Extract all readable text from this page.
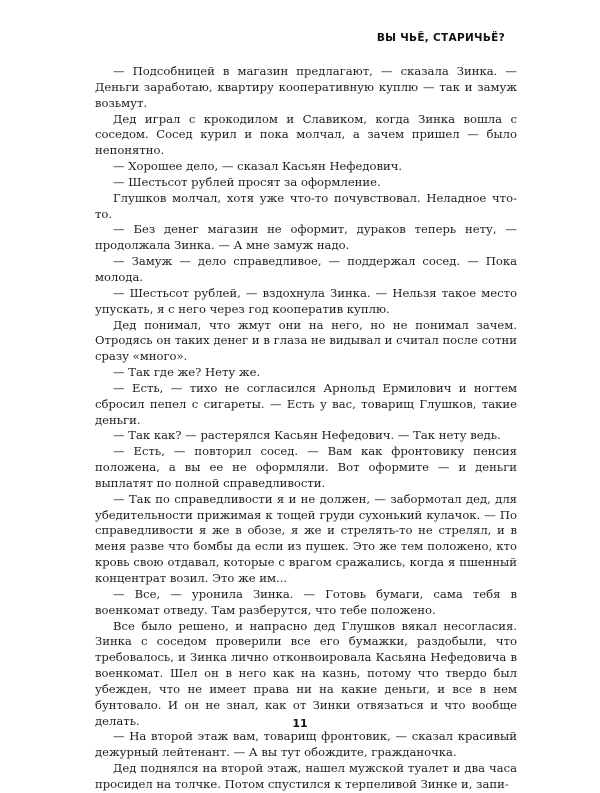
ВЫ ЧЬЁ, СТАРИЧЬЁ?

— Подсобницей в магазин предлагают, — сказала Зинка. — Деньги заработаю, квартиру кооперативную куплю — так и замуж возьмут.

Дед играл с крокодилом и Славиком, когда Зинка вошла с соседом. Сосед курил и пока молчал, а зачем пришел — было непонятно.

— Хорошее дело, — сказал Касьян Нефедович.

— Шестьсот рублей просят за оформление.

Глушков молчал, хотя уже что-то почувствовал. Неладное что-то.

— Без денег магазин не оформит, дураков теперь нету, — продолжала Зинка. — А мне замуж надо.

— Замуж — дело справедливое, — поддержал сосед. — Пока молода.

— Шестьсот рублей, — вздохнула Зинка. — Нельзя такое место упускать, я с него через год кооператив куплю.

Дед понимал, что жмут они на него, но не понимал зачем. Отродясь он таких денег и в глаза не видывал и считал после сотни сразу «много».

— Так где же? Нету же.

— Есть, — тихо не согласился Арнольд Ермилович и ногтем сбросил пепел с сигареты. — Есть у вас, товарищ Глушков, такие деньги.

— Так как? — растерялся Касьян Нефедович. — Так нету ведь.

— Есть, — повторил сосед. — Вам как фронтовику пенсия положена, а вы ее не оформляли. Вот оформите — и деньги выплатят по полной справедливости.

— Так по справедливости я и не должен, — забормотал дед, для убедительности прижимая к тощей груди сухонький кулачок. — По справедливости я же в обозе, я же и стрелять-то не стрелял, и в меня разве что бомбы да если из пушек. Это же тем положено, кто кровь свою отдавал, которые с врагом сражались, когда я пшенный концентрат возил. Это же им...

— Все, — уронила Зинка. — Готовь бумаги, сама тебя в военкомат отведу. Там разберутся, что тебе положено.

Все было решено, и напрасно дед Глушков вякал несогласия. Зинка с соседом проверили все его бумажки, раздобыли, что требовалось, и Зинка лично отконвоировала Касьяна Нефедовича в военкомат. Шел он в него как на казнь, потому что твердо был убежден, что не имеет права ни на какие деньги, и все в нем бунтовало. И он не знал, как от Зинки отвязаться и что вообще делать.

— На второй этаж вам, товарищ фронтовик, — сказал красивый дежурный лейтенант. — А вы тут обождите, гражданочка.

Дед поднялся на второй этаж, нашел мужской туалет и два часа просидел на толчке. Потом спустился к терпеливой Зинке и, запи-

11
